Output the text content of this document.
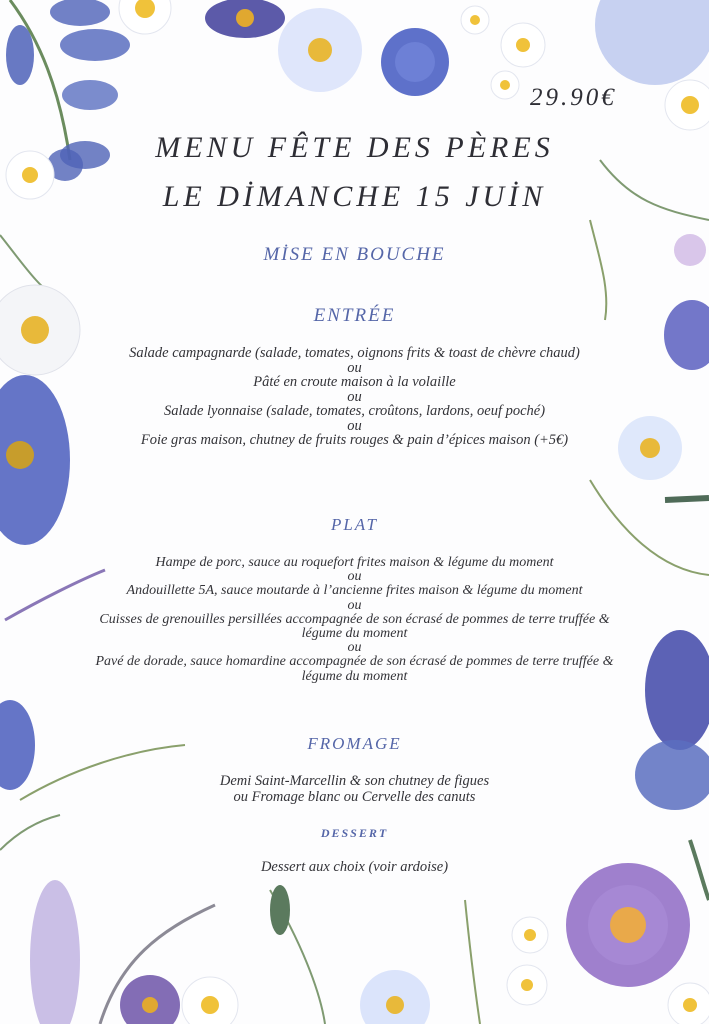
29.90€
MENU FÊTE DES PÈRES
LE DİMANCHE 15 JUİN
MİSE EN BOUCHE
ENTRÉE
Salade campagnarde (salade, tomates, oignons frits & toast de chèvre chaud)
ou
Pâté en croute maison à la volaille
ou
Salade lyonnaise (salade, tomates, croûtons, lardons, oeuf poché)
ou
Foie gras maison, chutney de fruits rouges & pain d’épices maison (+5€)
PLAT
Hampe de porc, sauce au roquefort frites maison & légume du moment
ou
Andouillette 5A, sauce moutarde à l’ancienne frites maison & légume du moment
ou
Cuisses de grenouilles persillées accompagnée de son écrasé de pommes de terre truffée & légume du moment
ou
Pavé de dorade, sauce homardine accompagnée de son écrasé de pommes de terre truffée & légume du moment
FROMAGE
Demi Saint-Marcellin & son chutney de figues
ou Fromage blanc ou Cervelle des canuts
DESSERT
Dessert aux choix (voir ardoise)
